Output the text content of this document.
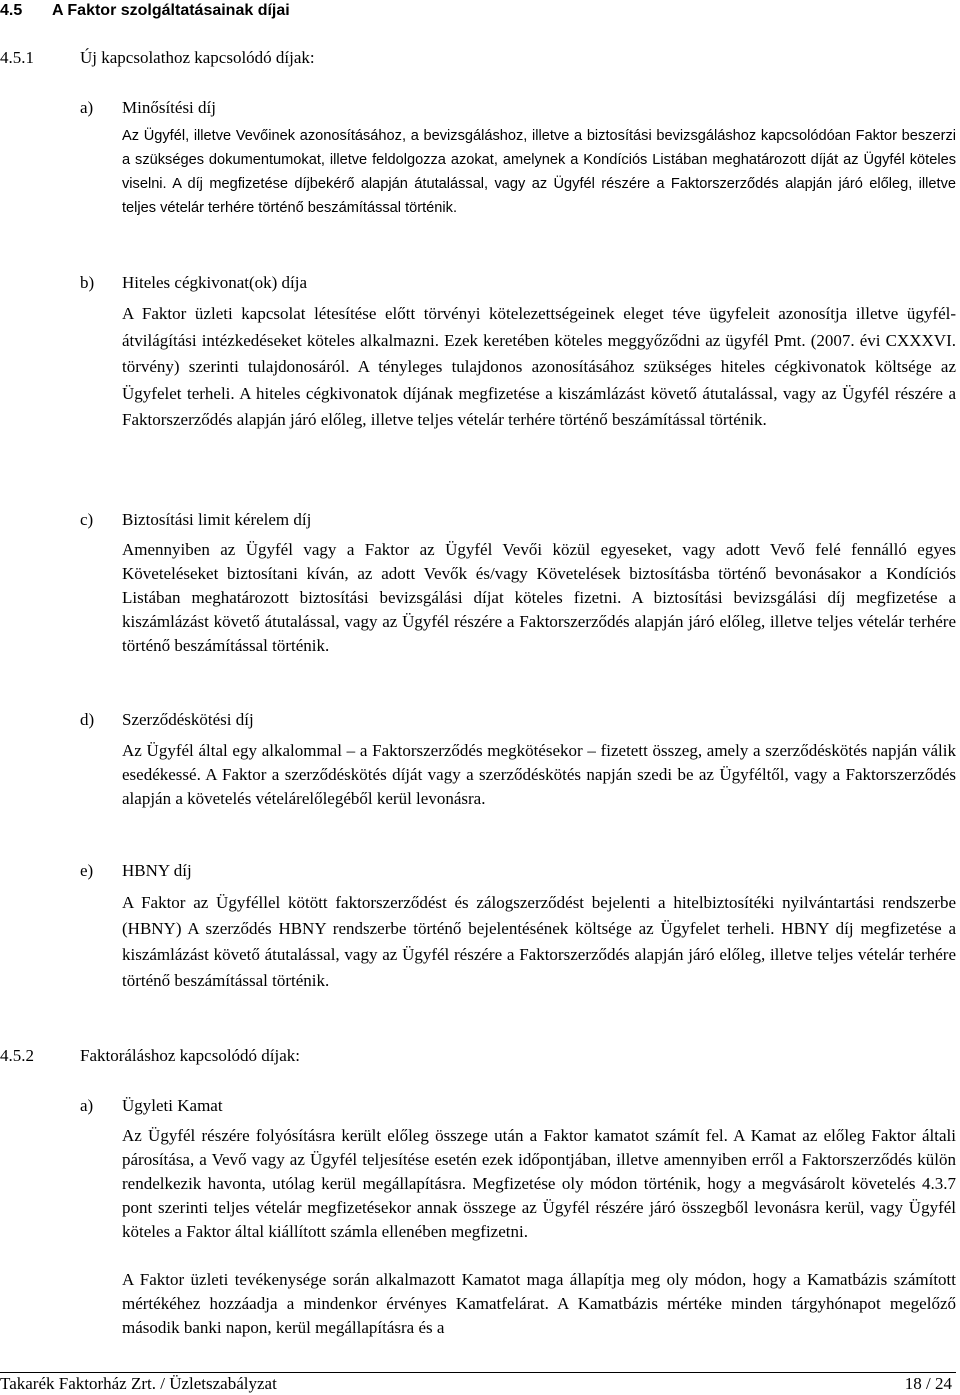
4.5 A Faktor szolgáltatásainak díjai
4.5.1	Új kapcsolathoz kapcsolódó díjak:
a) Minősítési díj

Az Ügyfél, illetve Vevőinek azonosításához, a bevizsgáláshoz, illetve a biztosítási bevizsgáláshoz kapcsolódóan Faktor beszerzi a szükséges dokumentumokat, illetve feldolgozza azokat, amelynek a Kondíciós Listában meghatározott díját az Ügyfél köteles viselni. A díj megfizetése díjbekérő alapján átutalással, vagy az Ügyfél részére a Faktorszerződés alapján járó előleg, illetve teljes vételár terhére történő beszámítással történik.

b) Hiteles cégkivonat(ok) díja

A Faktor üzleti kapcsolat létesítése előtt törvényi kötelezettségeinek eleget téve ügyfeleit azonosítja illetve ügyfél-átvilágítási intézkedéseket köteles alkalmazni. Ezek keretében köteles meggyőződni az ügyfél Pmt. (2007. évi CXXXVI. törvény) szerinti tulajdonosáról. A tényleges tulajdonos azonosításához szükséges hiteles cégkivonatok költsége az Ügyfelet terheli. A hiteles cégkivonatok díjának megfizetése a kiszámlázást követő átutalással, vagy az Ügyfél részére a Faktorszerződés alapján járó előleg, illetve teljes vételár terhére történő beszámítással történik.

c) Biztosítási limit kérelem díj

Amennyiben az Ügyfél vagy a Faktor az Ügyfél Vevői közül egyeseket, vagy adott Vevő felé fennálló egyes Követeléseket biztosítani kíván, az adott Vevők és/vagy Követelések biztosításba történő bevonásakor a Kondíciós Listában meghatározott biztosítási bevizsgálási díjat köteles fizetni. A biztosítási bevizsgálási díj megfizetése a kiszámlázást követő átutalással, vagy az Ügyfél részére a Faktorszerződés alapján járó előleg, illetve teljes vételár terhére történő beszámítással történik.

d) Szerződéskötési díj

Az Ügyfél által egy alkalommal – a Faktorszerződés megkötésekor – fizetett összeg, amely a szerződéskötés napján válik esedékessé. A Faktor a szerződéskötés díját vagy a szerződéskötés napján szedi be az Ügyféltől, vagy a Faktorszerződés alapján a követelés vételárelőlegéből kerül levonásra.

e) HBNY díj

A Faktor az Ügyféllel kötött faktorszerződést és zálogszerződést bejelenti a hitelbiztosítéki nyilvántartási rendszerbe (HBNY) A szerződés HBNY rendszerbe történő bejelentésének költsége az Ügyfelet terheli. HBNY díj megfizetése a kiszámlázást követő átutalással, vagy az Ügyfél részére a Faktorszerződés alapján járó előleg, illetve teljes vételár terhére történő beszámítással történik.

4.5.2	Faktoráláshoz kapcsolódó díjak:
a) Ügyleti Kamat

Az Ügyfél részére folyósításra került előleg összege után a Faktor kamatot számít fel. A Kamat az előleg Faktor általi párosítása, a Vevő vagy az Ügyfél teljesítése esetén ezek időpontjában, illetve amennyiben erről a Faktorszerződés külön rendelkezik havonta, utólag kerül megállapításra. Megfizetése oly módon történik, hogy a megvásárolt követelés 4.3.7 pont szerinti teljes vételár megfizetésekor annak összege az Ügyfél részére járó összegből levonásra kerül, vagy Ügyfél köteles a Faktor által kiállított számla ellenében megfizetni.

A Faktor üzleti tevékenysége során alkalmazott Kamatot maga állapítja meg oly módon, hogy a Kamatbázis számított mértékéhez hozzáadja a mindenkor érvényes Kamatfelárat. A Kamatbázis mértéke minden tárgyhónapot megelőző második banki napon, kerül megállapításra és a

Takarék Faktorház Zrt. / Üzletszabályzat	18 / 24
